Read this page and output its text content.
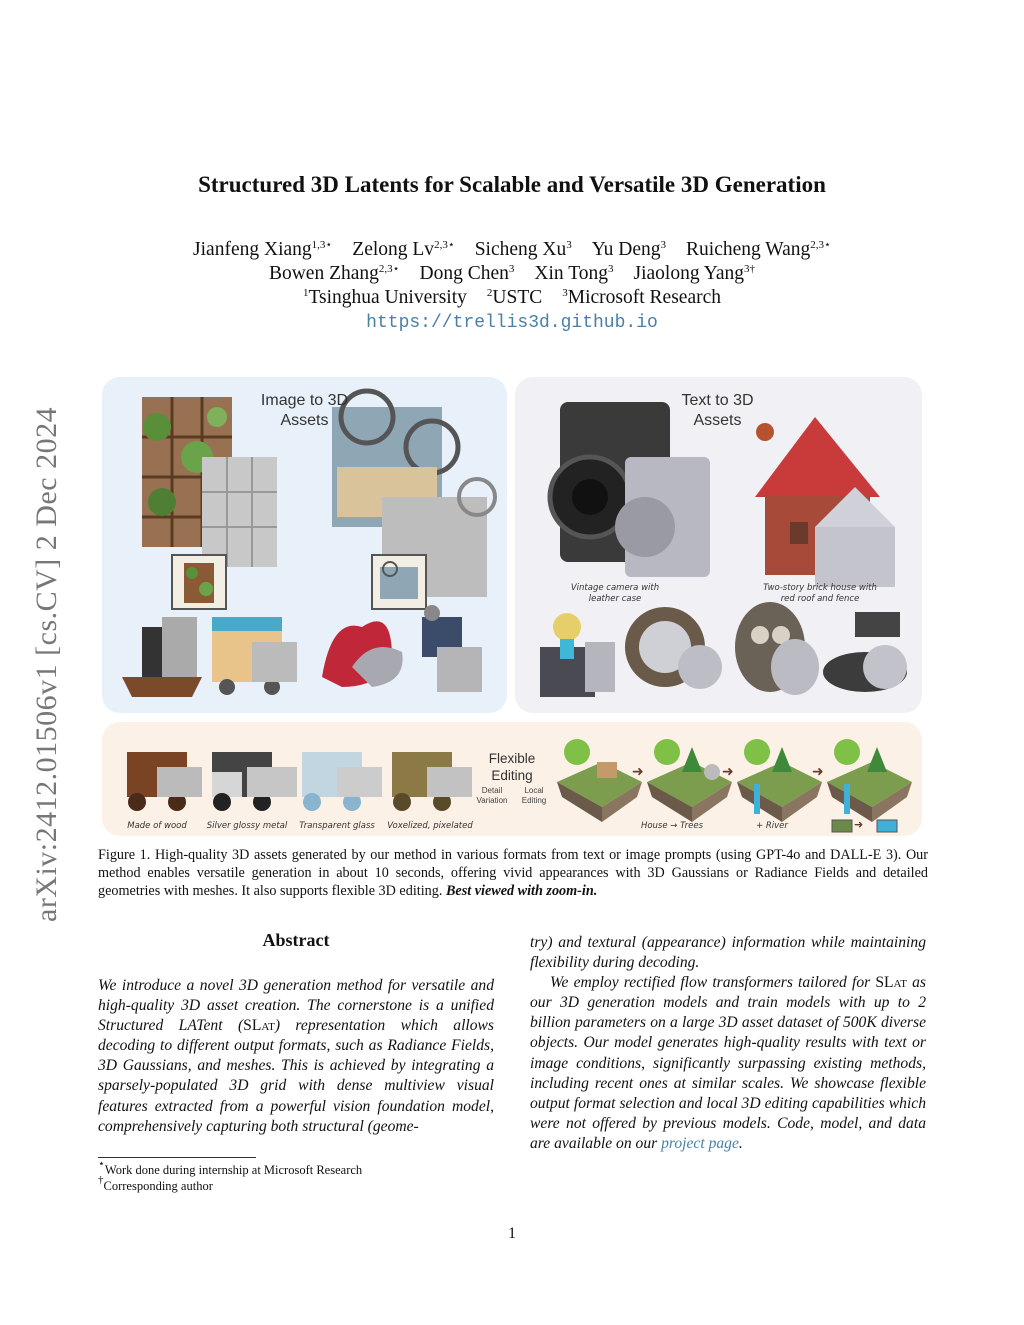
arXiv:2412.01506v1 [cs.CV] 2 Dec 2024
Structured 3D Latents for Scalable and Versatile 3D Generation
Jianfeng Xiang$^{1,3⋆}$ Zelong $Lv^{2,3⋆}$ Sicheng Xu$^3$ Yu Deng$^3$ Ruicheng Wang$^{2,3⋆}$
Bowen Zhang$^{2,3⋆}$ Dong Chen$^3$ Xin Tong$^3$ Jiaolong Yang$^{3\dagger}$
$^1$Tsinghua University $^2$USTC $^3$Microsoft Research
https://trellis3d.github.io
Image to 3D Assets
Text to 3D Assets
Vintage camera with leather case
Two-story brick house with red roof and fence
➜	➜	➜
➜
Flexible Editing
Detail Variation
Local Editing
Made of wood	Silver glossy metal	Transparent glass	Voxelized, pixelated	House → Trees	+ River
Figure 1. High-quality 3D assets generated by our method in various formats from text or image prompts (using GPT-4o and DALL-E 3). Our method enables versatile generation in about 10 seconds, offering vivid appearances with 3D Gaussians or Radiance Fields and detailed geometries with meshes. It also supports flexible 3D editing. Best viewed with zoom-in.
Abstract
We introduce a novel 3D generation method for versatile and high-quality 3D asset creation. The cornerstone is a unified Structured LATent (SLat) representation which allows decoding to different output formats, such as Radiance Fields, 3D Gaussians, and meshes. This is achieved by integrating a sparsely-populated 3D grid with dense multiview visual features extracted from a powerful vision foundation model, comprehensively capturing both structural (geome-
try) and textural (appearance) information while maintaining flexibility during decoding.
We employ rectified flow transformers tailored for SLat as our 3D generation models and train models with up to 2 billion parameters on a large 3D asset dataset of 500K diverse objects. Our model generates high-quality results with text or image conditions, significantly surpassing existing methods, including recent ones at similar scales. We showcase flexible output format selection and local 3D editing capabilities which were not offered by previous models. Code, model, and data are available on our project page.
⋆Work done during internship at Microsoft Research
†Corresponding author
1
